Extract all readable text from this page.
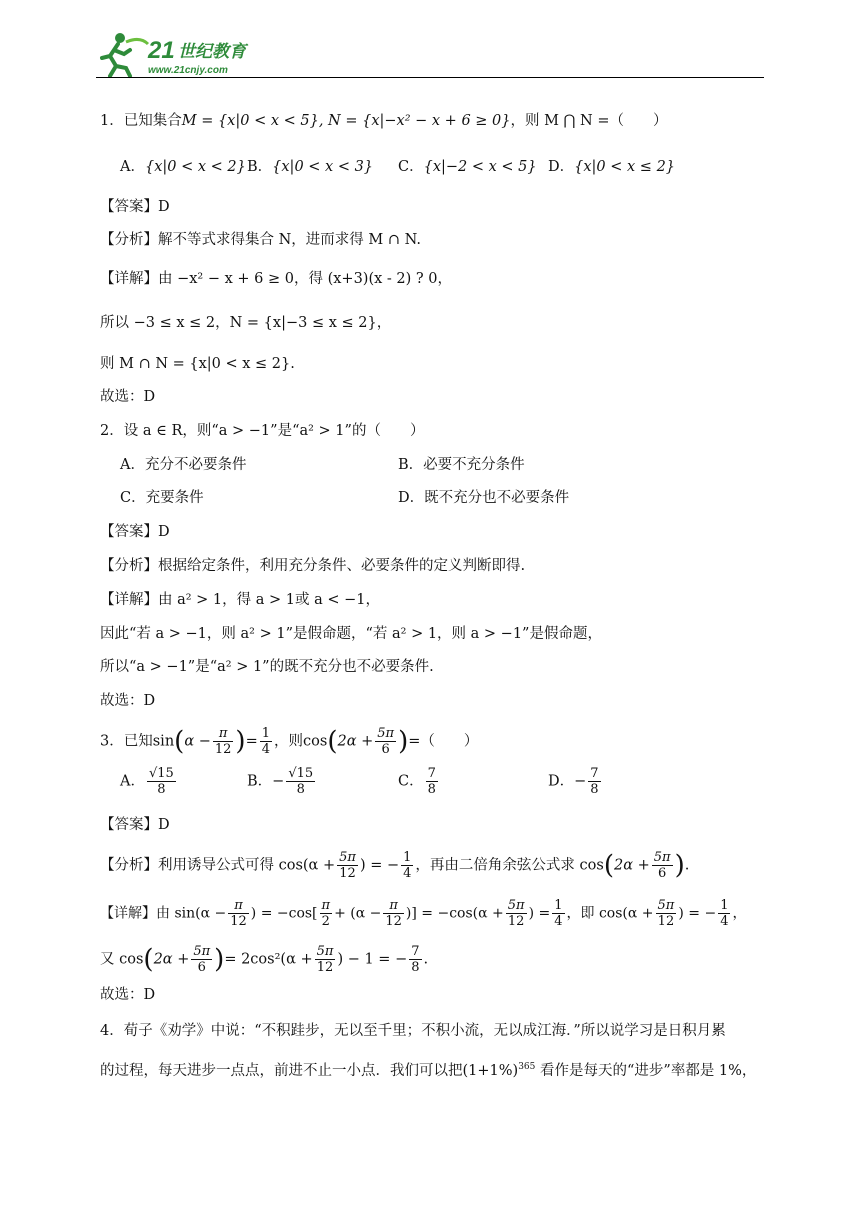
21 世纪教育
www.21cnjy.com
1．已知集合M = {x|0 < x < 5}, N = {x|−x² − x + 6 ≥ 0}，则 M ⋂ N =（　　）
A．{x|0 < x < 2} B．{x|0 < x < 3} C．{x|−2 < x < 5} D．{x|0 < x ≤ 2}
【答案】D
【分析】解不等式求得集合 N，进而求得 M ∩ N.
【详解】由 −x² − x + 6 ≥ 0，得 (x+3)(x - 2) ? 0，
所以 −3 ≤ x ≤ 2，N = {x|−3 ≤ x ≤ 2}，
则 M ∩ N = {x|0 < x ≤ 2}.
故选：D
2．设 a ∈ R，则“a > −1”是“a² > 1”的（　　）
A．充分不必要条件	B．必要不充分条件
C．充要条件	D．既不充分也不必要条件
【答案】D
【分析】根据给定条件，利用充分条件、必要条件的定义判断即得.
【详解】由 a² > 1，得 a > 1或 a < −1，
因此“若 a > −1，则 a² > 1”是假命题，“若 a² > 1，则 a > −1”是假命题，
所以“a > −1”是“a² > 1”的既不充分也不必要条件.
故选：D
3．已知$\sin(\alpha - \frac{\pi}{12}$ )= $\frac{1}{4}$ ，则$\cos(2\alpha + \frac{5\pi}{6}$ )=（　　）
A． $\frac{√15}{8}$	B．− $\frac{√15}{8}$	C． $\frac{7}{8}$	D．− $\frac{7}{8}$
【答案】D
【分析】利用诱导公式可得 $\cos(\alpha + \frac{5\pi}{12}$ ) = − $\frac{1}{4}$ ，再由二倍角余弦公式求 $\cos(2\alpha + \frac{5\pi}{6}$ ).
【详解】由 $\sin(\alpha - \frac{\pi}{12}$ ) = $-\cos[ \frac{\pi}{2} + (\alpha - \frac{\pi}{12}$ )] = $-\cos(\alpha + \frac{5\pi}{12}$ ) = $\frac{1}{4}$ ，即 $\cos(\alpha + \frac{5\pi}{12}$ ) = − $\frac{1}{4}$ ，
又 $\cos(2\alpha + \frac{5\pi}{6}$ )= $2\cos^2(\alpha + \frac{5\pi}{12}$ ) − 1 = − $\frac{7}{8}$ .
故选：D
4．荀子《劝学》中说：“不积跬步，无以至千里；不积小流，无以成江海．”所以说学习是日积月累
的过程，每天进步一点点，前进不止一小点．我们可以把$(1+1\%)^{365}$ 看作是每天的“进步”率都是 1%，
